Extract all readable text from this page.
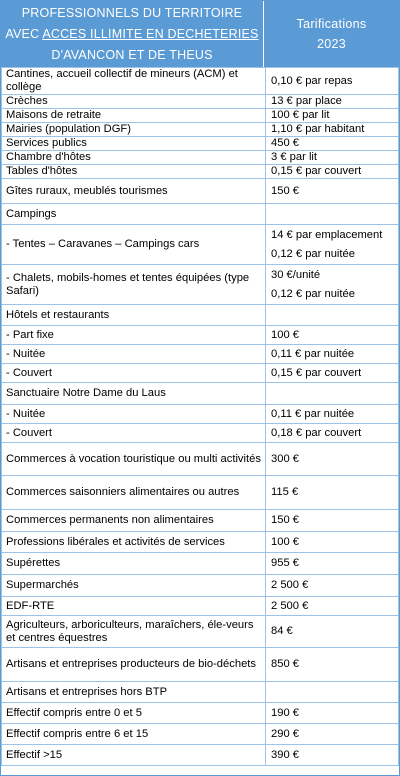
PROFESSIONNELS DU TERRITOIRE
AVEC ACCES ILLIMITE EN DECHETERIES
D'AVANCON ET DE THEUS
Tarifications
2023
Cantines, accueil collectif de mineurs (ACM) et collège	0,10 € par repas

Crèches	13 € par place

Maisons de retraite	100 € par lit

Mairies (population DGF)	1,10 € par habitant

Services publics	450 €

Chambre d'hôtes	3 € par lit

Tables d'hôtes	0,15 € par couvert

Gîtes ruraux, meublés tourismes	150 €

Campings	
- Tentes – Caravanes – Campings cars	14 € par emplacement
0,12 € par nuitée

- Chalets, mobils-homes et tentes équipées (type Safari)	30 €/unité
0,12 € par nuitée

Hôtels et restaurants	
- Part fixe	100 €

- Nuitée	0,11 € par nuitée

- Couvert	0,15 € par couvert

Sanctuaire Notre Dame du Laus	
- Nuitée	0,11 € par nuitée

- Couvert	0,18 € par couvert

Commerces à vocation touristique ou multi activités	300 €

Commerces saisonniers alimentaires ou autres	115 €

Commerces permanents non alimentaires	150 €

Professions libérales et activités de services	100 €

Supérettes	955 €

Supermarchés	2 500 €

EDF-RTE	2 500 €

Agriculteurs, arboriculteurs, maraîchers, éle-veurs et centres équestres	84 €

Artisans et entreprises producteurs de bio-déchets	850 €

Artisans et entreprises hors BTP	
Effectif compris entre 0 et 5	190 €

Effectif compris entre 6 et 15	290 €

Effectif >15	390 €
